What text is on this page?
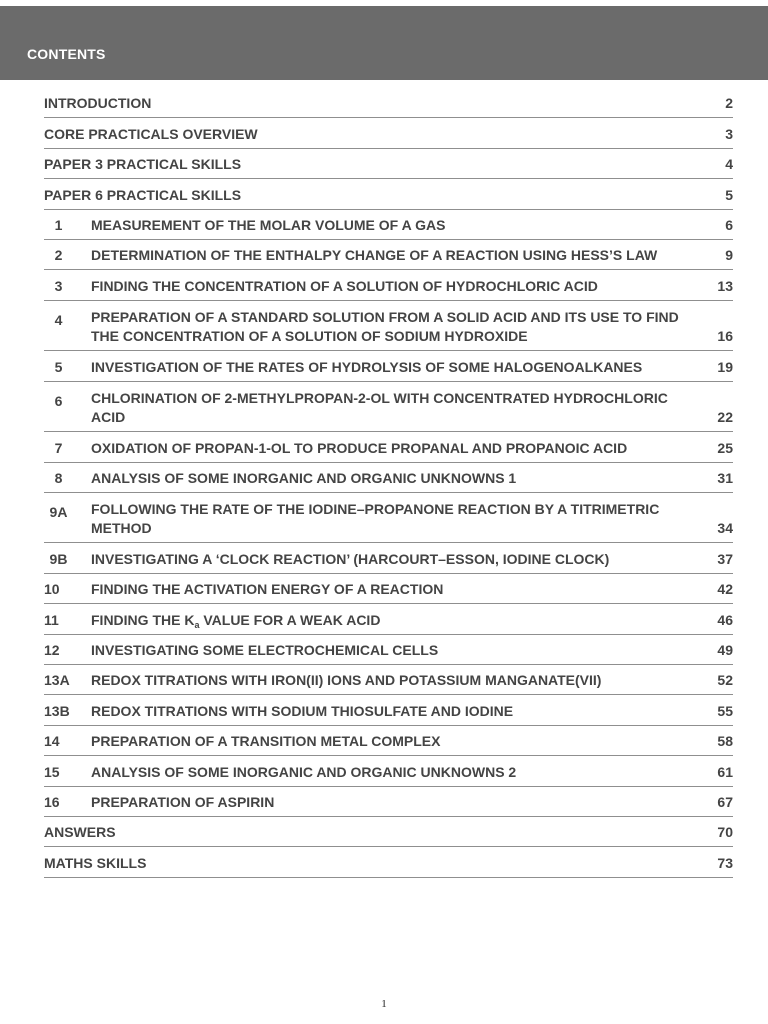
CONTENTS
INTRODUCTION	2
CORE PRACTICALS OVERVIEW	3
PAPER 3 PRACTICAL SKILLS	4
PAPER 6 PRACTICAL SKILLS	5
1	MEASUREMENT OF THE MOLAR VOLUME OF A GAS	6
2	DETERMINATION OF THE ENTHALPY CHANGE OF A REACTION USING HESS’S LAW	9
3	FINDING THE CONCENTRATION OF A SOLUTION OF HYDROCHLORIC ACID	13
4	PREPARATION OF A STANDARD SOLUTION FROM A SOLID ACID AND ITS USE TO FIND
THE CONCENTRATION OF A SOLUTION OF SODIUM HYDROXIDE	16
5	INVESTIGATION OF THE RATES OF HYDROLYSIS OF SOME HALOGENOALKANES	19
6	CHLORINATION OF 2-METHYLPROPAN-2-OL WITH CONCENTRATED HYDROCHLORIC
ACID	22
7	OXIDATION OF PROPAN-1-OL TO PRODUCE PROPANAL AND PROPANOIC ACID	25
8	ANALYSIS OF SOME INORGANIC AND ORGANIC UNKNOWNS 1	31
9A	FOLLOWING THE RATE OF THE IODINE–PROPANONE REACTION BY A TITRIMETRIC
METHOD	34
9B	INVESTIGATING A ‘CLOCK REACTION’ (HARCOURT–ESSON, IODINE CLOCK)	37
10	FINDING THE ACTIVATION ENERGY OF A REACTION	42
11	FINDING THE $K_a$ VALUE FOR A WEAK ACID	46
12	INVESTIGATING SOME ELECTROCHEMICAL CELLS	49
13A	REDOX TITRATIONS WITH IRON(II) IONS AND POTASSIUM MANGANATE(VII)	52
13B	REDOX TITRATIONS WITH SODIUM THIOSULFATE AND IODINE	55
14	PREPARATION OF A TRANSITION METAL COMPLEX	58
15	ANALYSIS OF SOME INORGANIC AND ORGANIC UNKNOWNS 2	61
16	PREPARATION OF ASPIRIN	67
ANSWERS	70
MATHS SKILLS	73
1
